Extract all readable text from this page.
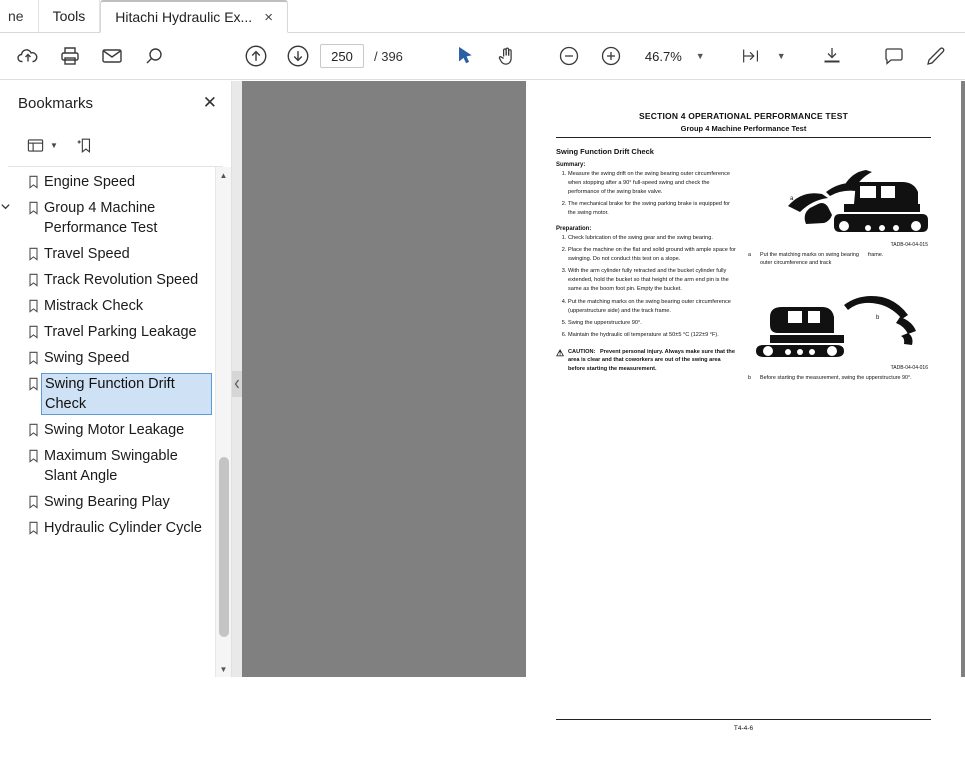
ne Tools Hitachi Hydraulic Ex... ×
250
/ 396	46.7% ▼	▼
Bookmarks	✕
▼
Engine Speed
Group 4 Machine Performance Test
Travel Speed
Track Revolution Speed
Mistrack Check
Travel Parking Leakage
Swing Speed
Swing Function Drift Check
Swing Motor Leakage
Maximum Swingable Slant Angle
Swing Bearing Play
Hydraulic Cylinder Cycle
▲
▼
SECTION 4 OPERATIONAL PERFORMANCE TEST
Group 4 Machine Performance Test
Swing Function Drift Check
Summary:
1. Measure the swing drift on the swing bearing outer circumference when stopping after a 90° full-speed swing and check the performance of the swing brake valve.
2. The mechanical brake for the swing parking brake is equipped for the swing motor.
Preparation:
1. Check lubrication of the swing gear and the swing bearing.
2. Place the machine on the flat and solid ground with ample space for swinging. Do not conduct this test on a slope.
3. With the arm cylinder fully retracted and the bucket cylinder fully extended, hold the bucket so that height of the arm end pin is the same as the boom foot pin. Empty the bucket.
4. Put the matching marks on the swing bearing outer circumference (upperstructure side) and the track frame.
5. Swing the upperstructure 90°.
6. Maintain the hydraulic oil temperature at 50±5 °C (122±9 °F).
⚠ CAUTION: Prevent personal injury. Always make sure that the area is clear and that coworkers are out of the swing area before starting the measurement.
a
TADB-04-04-015
a	Put the matching marks on swing bearing outer circumference and track
frame.
b
TADB-04-04-016
b	Before starting the measurement, swing the upperstructure 90°.
T4-4-6
